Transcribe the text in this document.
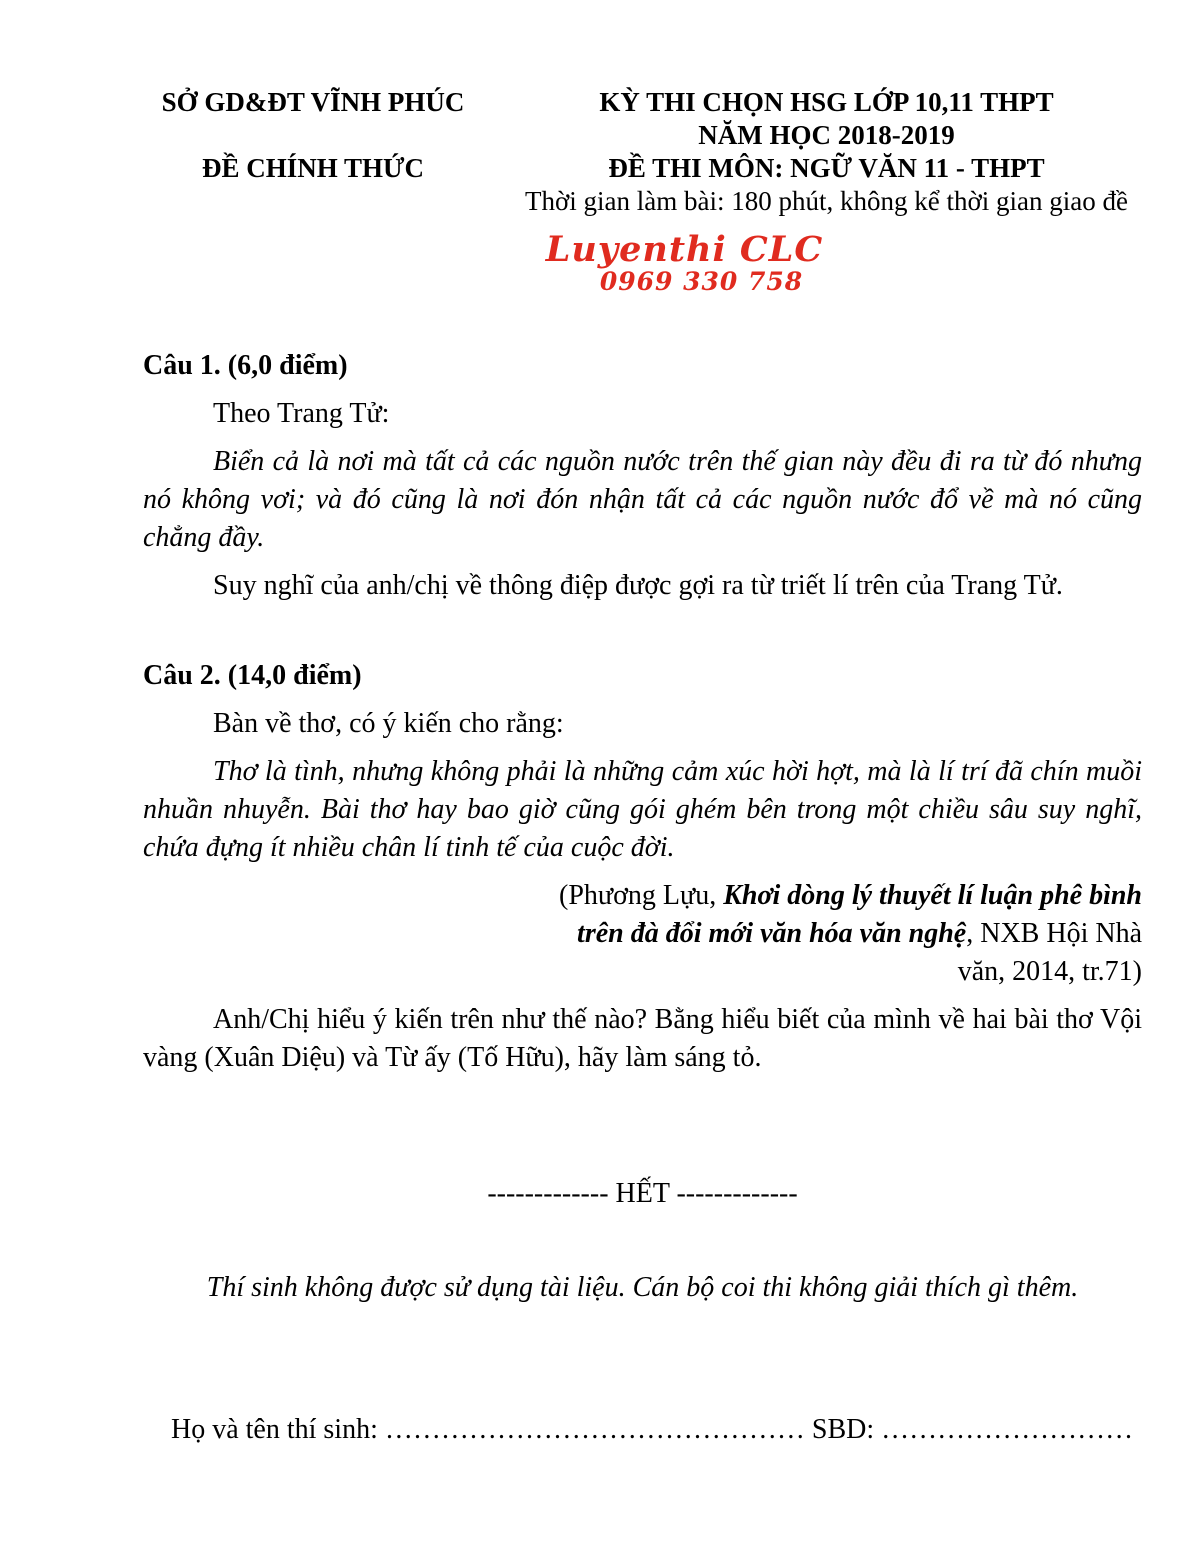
SỞ GD&ĐT VĨNH PHÚC
ĐỀ CHÍNH THỨC
KỲ THI CHỌN HSG LỚP 10,11 THPT
NĂM HỌC 2018-2019
ĐỀ THI MÔN: NGỮ VĂN 11 - THPT
Thời gian làm bài: 180 phút, không kể thời gian giao đề
Luyenthi CLC
0969 330 758
Câu 1. (6,0 điểm)

Theo Trang Tử:

Biển cả là nơi mà tất cả các nguồn nước trên thế gian này đều đi ra từ đó nhưng nó không vơi; và đó cũng là nơi đón nhận tất cả các nguồn nước đổ về mà nó cũng chẳng đầy.

Suy nghĩ của anh/chị về thông điệp được gợi ra từ triết lí trên của Trang Tử.

Câu 2. (14,0 điểm)

Bàn về thơ, có ý kiến cho rằng:

Thơ là tình, nhưng không phải là những cảm xúc hời hợt, mà là lí trí đã chín muồi nhuần nhuyễn. Bài thơ hay bao giờ cũng gói ghém bên trong một chiều sâu suy nghĩ, chứa đựng ít nhiều chân lí tinh tế của cuộc đời.

(Phương Lựu, Khơi dòng lý thuyết lí luận phê bình trên đà đổi mới văn hóa văn nghệ, NXB Hội Nhà văn, 2014, tr.71)

Anh/Chị hiểu ý kiến trên như thế nào? Bằng hiểu biết của mình về hai bài thơ Vội vàng (Xuân Diệu) và Từ ấy (Tố Hữu), hãy làm sáng tỏ.

------------- HẾT -------------
Thí sinh không được sử dụng tài liệu. Cán bộ coi thi không giải thích gì thêm.
Họ và tên thí sinh: ……………………………………… SBD: ………………………
